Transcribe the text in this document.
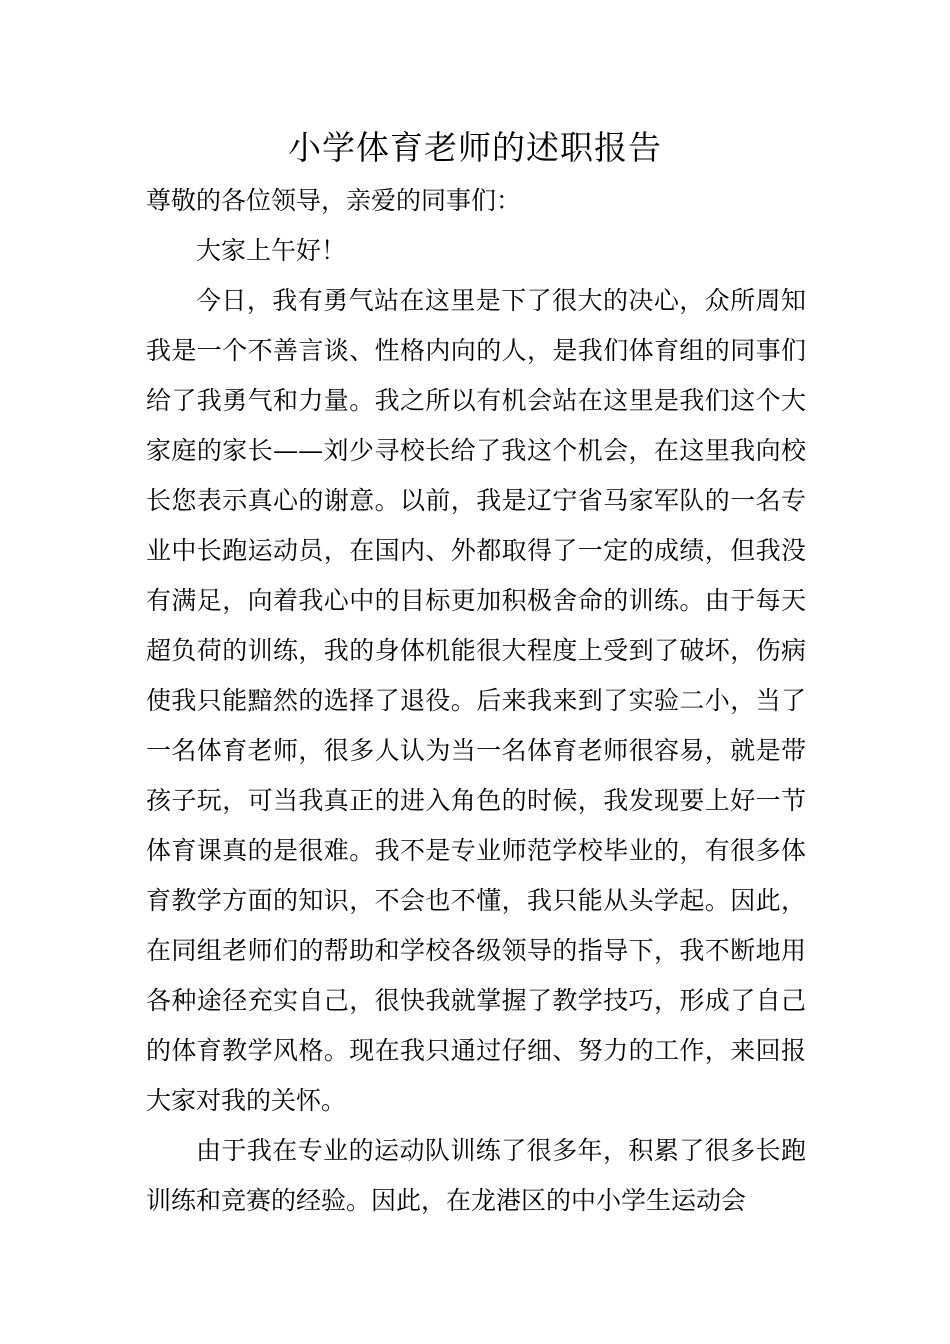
小学体育老师的述职报告

尊敬的各位领导，亲爱的同事们：

大家上午好！

今日，我有勇气站在这里是下了很大的决心，众所周知我是一个不善言谈、性格内向的人，是我们体育组的同事们给了我勇气和力量。我之所以有机会站在这里是我们这个大家庭的家长——刘少寻校长给了我这个机会，在这里我向校长您表示真心的谢意。以前，我是辽宁省马家军队的一名专业中长跑运动员，在国内、外都取得了一定的成绩，但我没有满足，向着我心中的目标更加积极舍命的训练。由于每天超负荷的训练，我的身体机能很大程度上受到了破坏，伤病使我只能黯然的选择了退役。后来我来到了实验二小，当了一名体育老师，很多人认为当一名体育老师很容易，就是带孩子玩，可当我真正的进入角色的时候，我发现要上好一节体育课真的是很难。我不是专业师范学校毕业的，有很多体育教学方面的知识，不会也不懂，我只能从头学起。因此，在同组老师们的帮助和学校各级领导的指导下，我不断地用各种途径充实自己，很快我就掌握了教学技巧，形成了自己的体育教学风格。现在我只通过仔细、努力的工作，来回报大家对我的关怀。

由于我在专业的运动队训练了很多年，积累了很多长跑训练和竞赛的经验。因此，在龙港区的中小学生运动会
